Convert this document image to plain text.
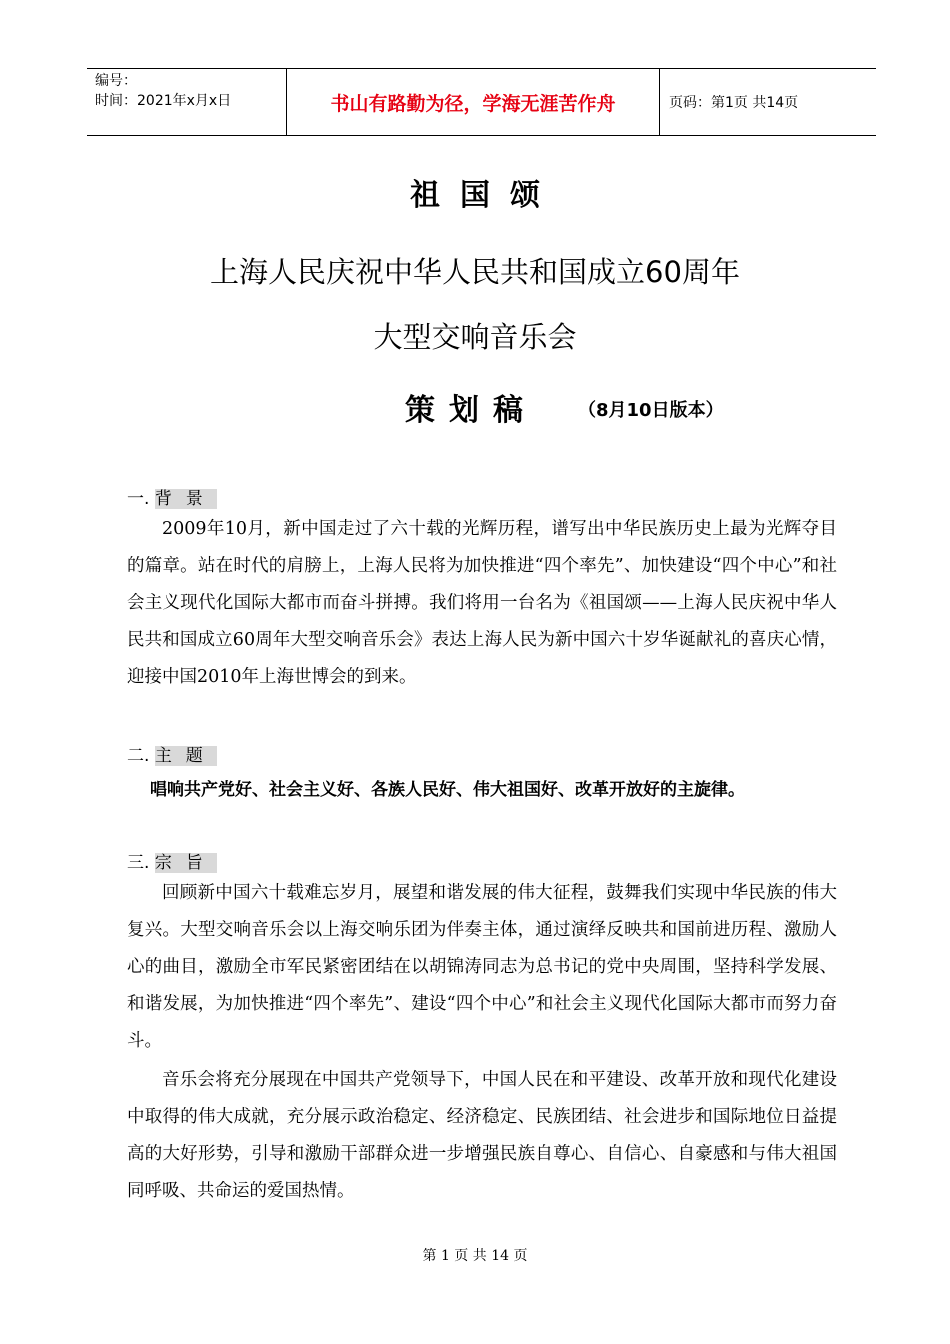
编号：
时间：2021年x月x日	书山有路勤为径，学海无涯苦作舟	页码：第1页 共14页
祖国颂
上海人民庆祝中华人民共和国成立60周年
大型交响音乐会
策划稿 （8月10日版本）
一. 背景

2009年10月，新中国走过了六十载的光辉历程，谱写出中华民族历史上最为光辉夺目的篇章。站在时代的肩膀上，上海人民将为加快推进“四个率先”、加快建设“四个中心”和社会主义现代化国际大都市而奋斗拼搏。我们将用一台名为《祖国颂——上海人民庆祝中华人民共和国成立60周年大型交响音乐会》表达上海人民为新中国六十岁华诞献礼的喜庆心情，迎接中国2010年上海世博会的到来。

二. 主题
唱响共产党好、社会主义好、各族人民好、伟大祖国好、改革开放好的主旋律。
三. 宗旨

回顾新中国六十载难忘岁月，展望和谐发展的伟大征程，鼓舞我们实现中华民族的伟大复兴。大型交响音乐会以上海交响乐团为伴奏主体，通过演绎反映共和国前进历程、激励人心的曲目，激励全市军民紧密团结在以胡锦涛同志为总书记的党中央周围，坚持科学发展、和谐发展，为加快推进“四个率先”、建设“四个中心”和社会主义现代化国际大都市而努力奋斗。

音乐会将充分展现在中国共产党领导下，中国人民在和平建设、改革开放和现代化建设中取得的伟大成就，充分展示政治稳定、经济稳定、民族团结、社会进步和国际地位日益提高的大好形势，引导和激励干部群众进一步增强民族自尊心、自信心、自豪感和与伟大祖国同呼吸、共命运的爱国热情。

第 1 页 共 14 页
